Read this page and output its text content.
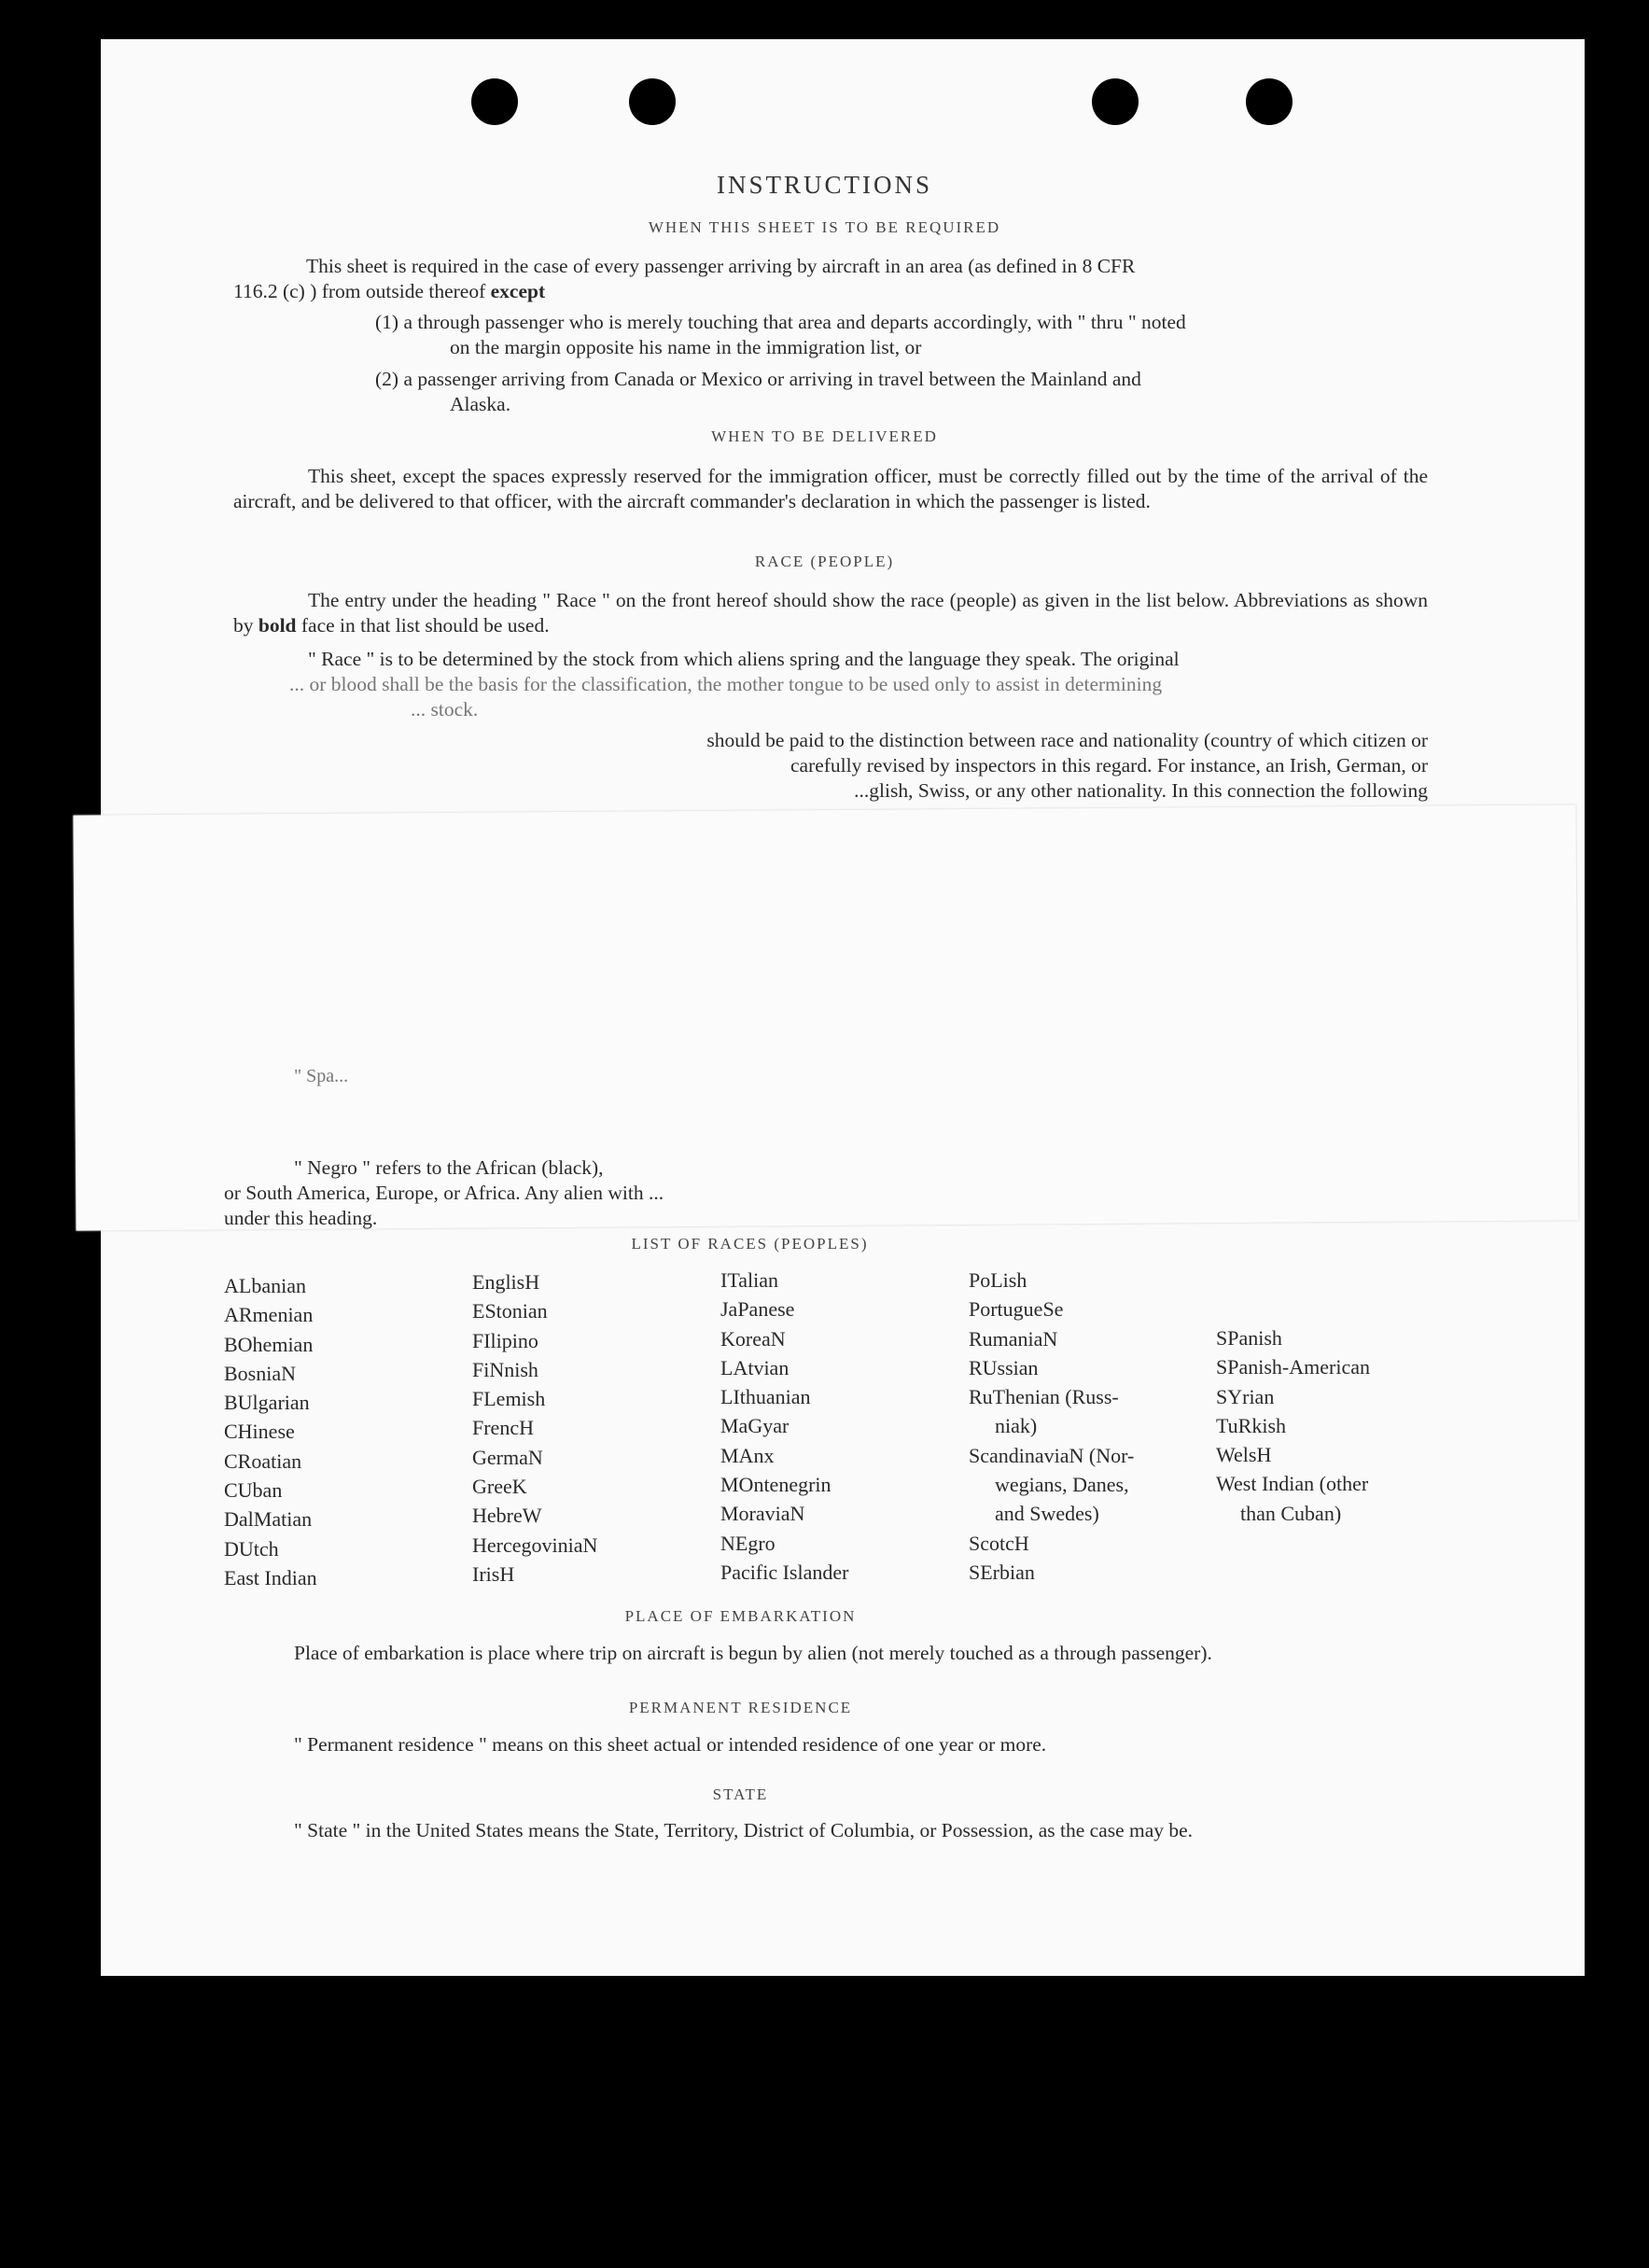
INSTRUCTIONS
WHEN THIS SHEET IS TO BE REQUIRED
This sheet is required in the case of every passenger arriving by aircraft in an area (as defined in 8 CFR
116.2 (c) ) from outside thereof except
(1) a through passenger who is merely touching that area and departs accordingly, with " thru " noted
on the margin opposite his name in the immigration list, or
(2) a passenger arriving from Canada or Mexico or arriving in travel between the Mainland and
Alaska.
WHEN TO BE DELIVERED
This sheet, except the spaces expressly reserved for the immigration officer, must be correctly filled out by the time of the arrival of the aircraft, and be delivered to that officer, with the aircraft commander's declaration in which the passenger is listed.
RACE (PEOPLE)
The entry under the heading " Race " on the front hereof should show the race (people) as given in the list below. Abbreviations as shown by bold face in that list should be used.
" Race " is to be determined by the stock from which aliens spring and the language they speak. The original
... or blood shall be the basis for the classification, the mother tongue to be used only to assist in determining
... stock.
should be paid to the distinction between race and nationality (country of which citizen or
carefully revised by inspectors in this regard. For instance, an Irish, German, or
...glish, Swiss, or any other nationality. In this connection the following
" Spa...
" Negro " refers to the African (black),
or South America, Europe, or Africa. Any alien with ...
under this heading.
LIST OF RACES (PEOPLES)
ALbanian
ARmenian
BOhemian
BosniaN
BUlgarian
CHinese
CRoatian
CUban
DalMatian
DUtch
East Indian
EnglisH
EStonian
FIlipino
FiNnish
FLemish
FrencH
GermaN
GreeK
HebreW
HercegoviniaN
IrisH
ITalian
JaPanese
KoreaN
LAtvian
LIthuanian
MaGyar
MAnx
MOntenegrin
MoraviaN
NEgro
Pacific Islander
PoLish
PortugueSe
RumaniaN
RUssian
RuThenian (Russ-
niak)
ScandinaviaN (Nor-
wegians, Danes,
and Swedes)
ScotcH
SErbian
SPanish
SPanish-American
SYrian
TuRkish
WelsH
West Indian (other
than Cuban)
PLACE OF EMBARKATION
Place of embarkation is place where trip on aircraft is begun by alien (not merely touched as a through passenger).
PERMANENT RESIDENCE
" Permanent residence " means on this sheet actual or intended residence of one year or more.
STATE
" State " in the United States means the State, Territory, District of Columbia, or Possession, as the case may be.
